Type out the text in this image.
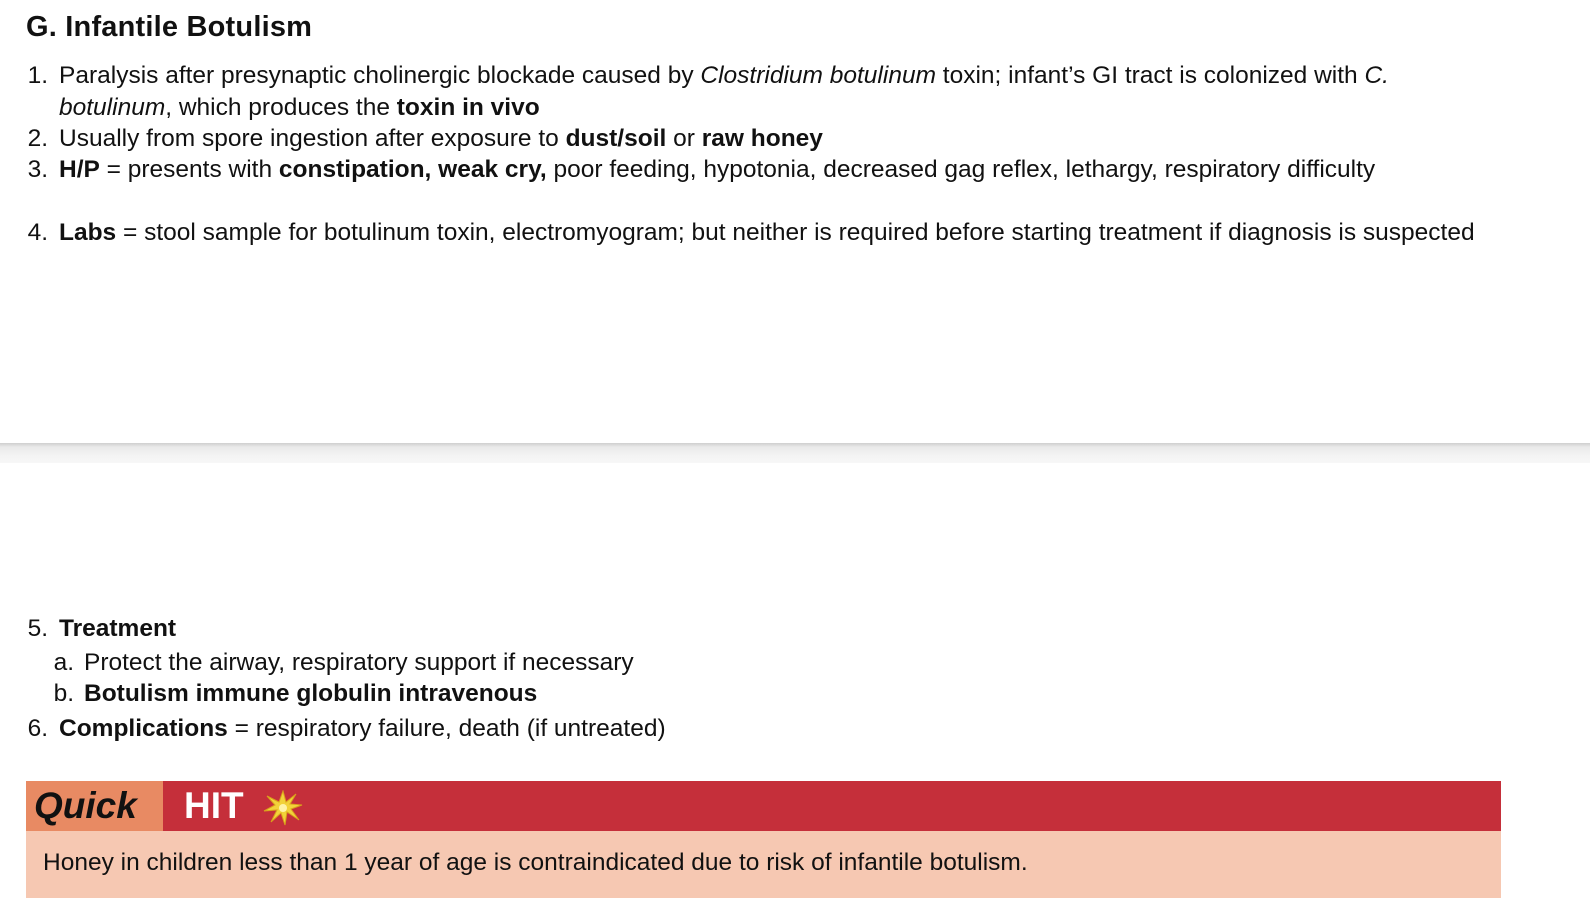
G. Infantile Botulism
1. Paralysis after presynaptic cholinergic blockade caused by Clostridium botulinum toxin; infant’s GI tract is colonized with C. botulinum, which produces the toxin in vivo
2. Usually from spore ingestion after exposure to dust/soil or raw honey
3. H/P = presents with constipation, weak cry, poor feeding, hypotonia, decreased gag reflex, lethargy, respiratory difficulty
4. Labs = stool sample for botulinum toxin, electromyogram; but neither is required before starting treatment if diagnosis is suspected
5. Treatment
a. Protect the airway, respiratory support if necessary
b. Botulism immune globulin intravenous
6. Complications = respiratory failure, death (if untreated)
Quick	HIT
Honey in children less than 1 year of age is contraindicated due to risk of infantile botulism.
